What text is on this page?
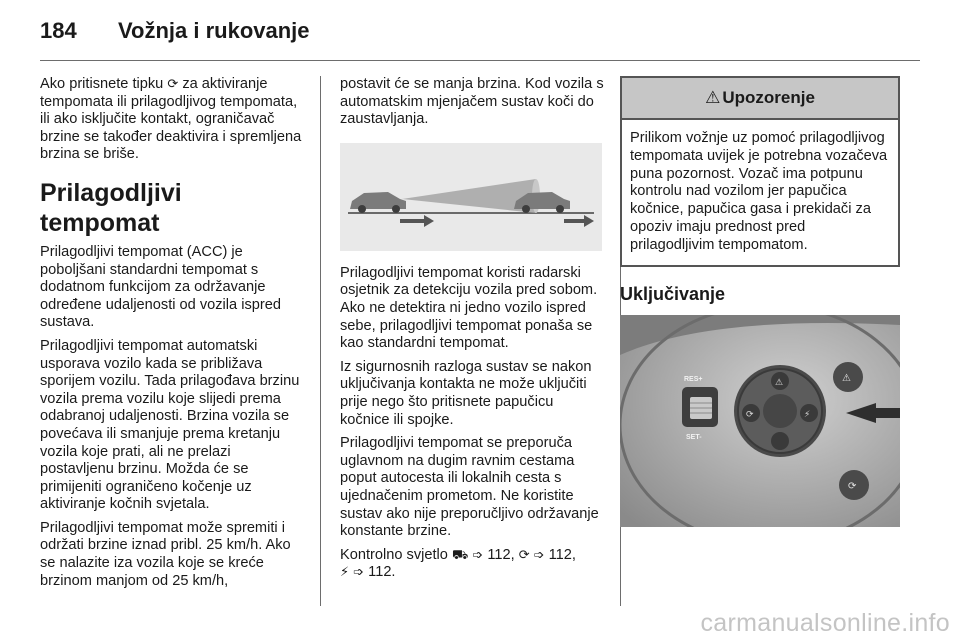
184 Vožnja i rukovanje

Ako pritisnete tipku ⟳ za aktiviranje tempomata ili prilagodljivog tempomata, ili ako isključite kontakt, ograničavač brzine se također deaktivira i spremljena brzina se briše.

Prilagodljivi tempomat

Prilagodljivi tempomat (ACC) je poboljšani standardni tempomat s dodatnom funkcijom za održavanje određene udaljenosti od vozila ispred sustava.

Prilagodljivi tempomat automatski usporava vozilo kada se približava sporijem vozilu. Tada prilagođava brzinu vozila prema vozilu koje slijedi prema odabranoj udaljenosti. Brzina vozila se povećava ili smanjuje prema kretanju vozila koje prati, ali ne prelazi postavljenu brzinu. Možda će se primijeniti ograničeno kočenje uz aktiviranje kočnih svjetala.

Prilagodljivi tempomat može spremiti i održati brzine iznad pribl. 25 km/h. Ako se nalazite iza vozila koje se kreće brzinom manjom od 25 km/h,

postavit će se manja brzina. Kod vozila s automatskim mjenjačem sustav koči do zaustavljanja.

Prilagodljivi tempomat koristi radarski osjetnik za detekciju vozila pred sobom. Ako ne detektira ni jedno vozilo ispred sebe, prilagodljivi tempomat ponaša se kao standardni tempomat.

Iz sigurnosnih razloga sustav se nakon uključivanja kontakta ne može uključiti prije nego što pritisnete papučicu kočnice ili spojke.

Prilagodljivi tempomat se preporuča uglavnom na dugim ravnim cestama poput autocesta ili lokalnih cesta s ujednačenim prometom. Ne koristite sustav ako nije preporučljivo održavanje konstante brzine.

Kontrolno svjetlo ⛟ ➩ 112, ⟳ ➩ 112,
⚡ ➩ 112.

⚠ Upozorenje
Prilikom vožnje uz pomoć prilagodljivog tempomata uvijek je potrebna vozačeva puna pozornost. Vozač ima potpunu kontrolu nad vozilom jer papučica kočnice, papučica gasa i prekidači za opoziv imaju prednost pred prilagodljivim tempomatom.
Uključivanje
RES+
SET-
⚠
⟳	⚡
⚠
⟳
carmanualsonline.info
